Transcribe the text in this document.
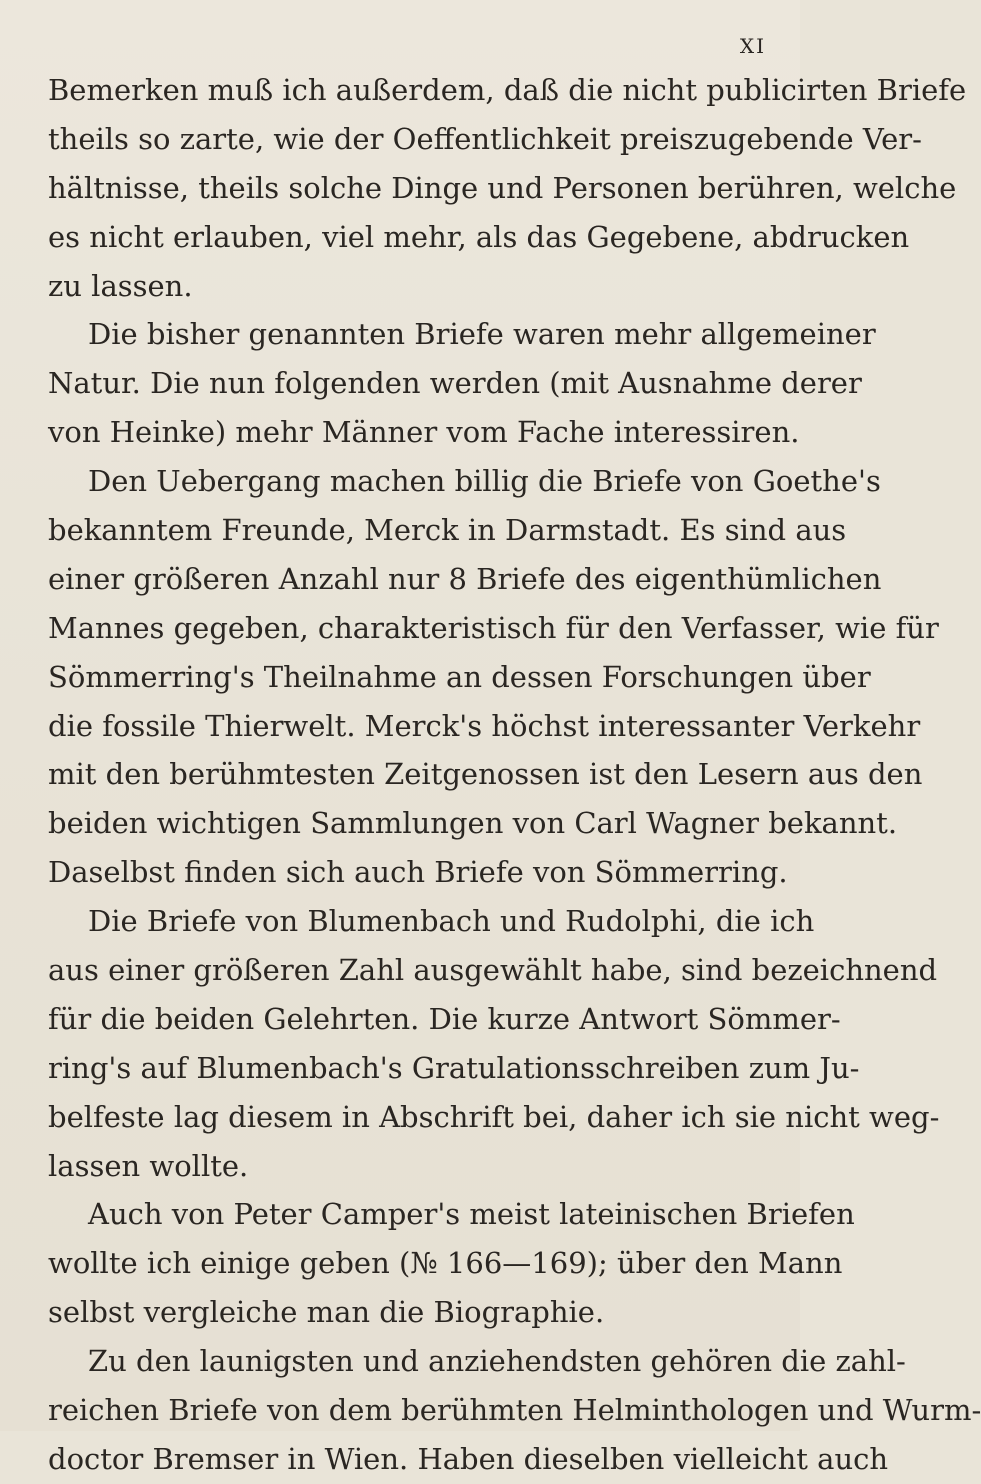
XI
Bemerken muß ich außerdem, daß die nicht publicirten Briefe
theils so zarte, wie der Oeffentlichkeit preiszugebende Ver-
hältnisse, theils solche Dinge und Personen berühren, welche
es nicht erlauben, viel mehr, als das Gegebene, abdrucken
zu lassen.
Die bisher genannten Briefe waren mehr allgemeiner
Natur. Die nun folgenden werden (mit Ausnahme derer
von Heinke) mehr Männer vom Fache interessiren.
Den Uebergang machen billig die Briefe von Goethe's
bekanntem Freunde, Merck in Darmstadt. Es sind aus
einer größeren Anzahl nur 8 Briefe des eigenthümlichen
Mannes gegeben, charakteristisch für den Verfasser, wie für
Sömmerring's Theilnahme an dessen Forschungen über
die fossile Thierwelt. Merck's höchst interessanter Verkehr
mit den berühmtesten Zeitgenossen ist den Lesern aus den
beiden wichtigen Sammlungen von Carl Wagner bekannt.
Daselbst finden sich auch Briefe von Sömmerring.
Die Briefe von Blumenbach und Rudolphi, die ich
aus einer größeren Zahl ausgewählt habe, sind bezeichnend
für die beiden Gelehrten. Die kurze Antwort Sömmer-
ring's auf Blumenbach's Gratulationsschreiben zum Ju-
belfeste lag diesem in Abschrift bei, daher ich sie nicht weg-
lassen wollte.
Auch von Peter Camper's meist lateinischen Briefen
wollte ich einige geben (№ 166—169); über den Mann
selbst vergleiche man die Biographie.
Zu den launigsten und anziehendsten gehören die zahl-
reichen Briefe von dem berühmten Helminthologen und Wurm-
doctor Bremser in Wien. Haben dieselben vielleicht auch
